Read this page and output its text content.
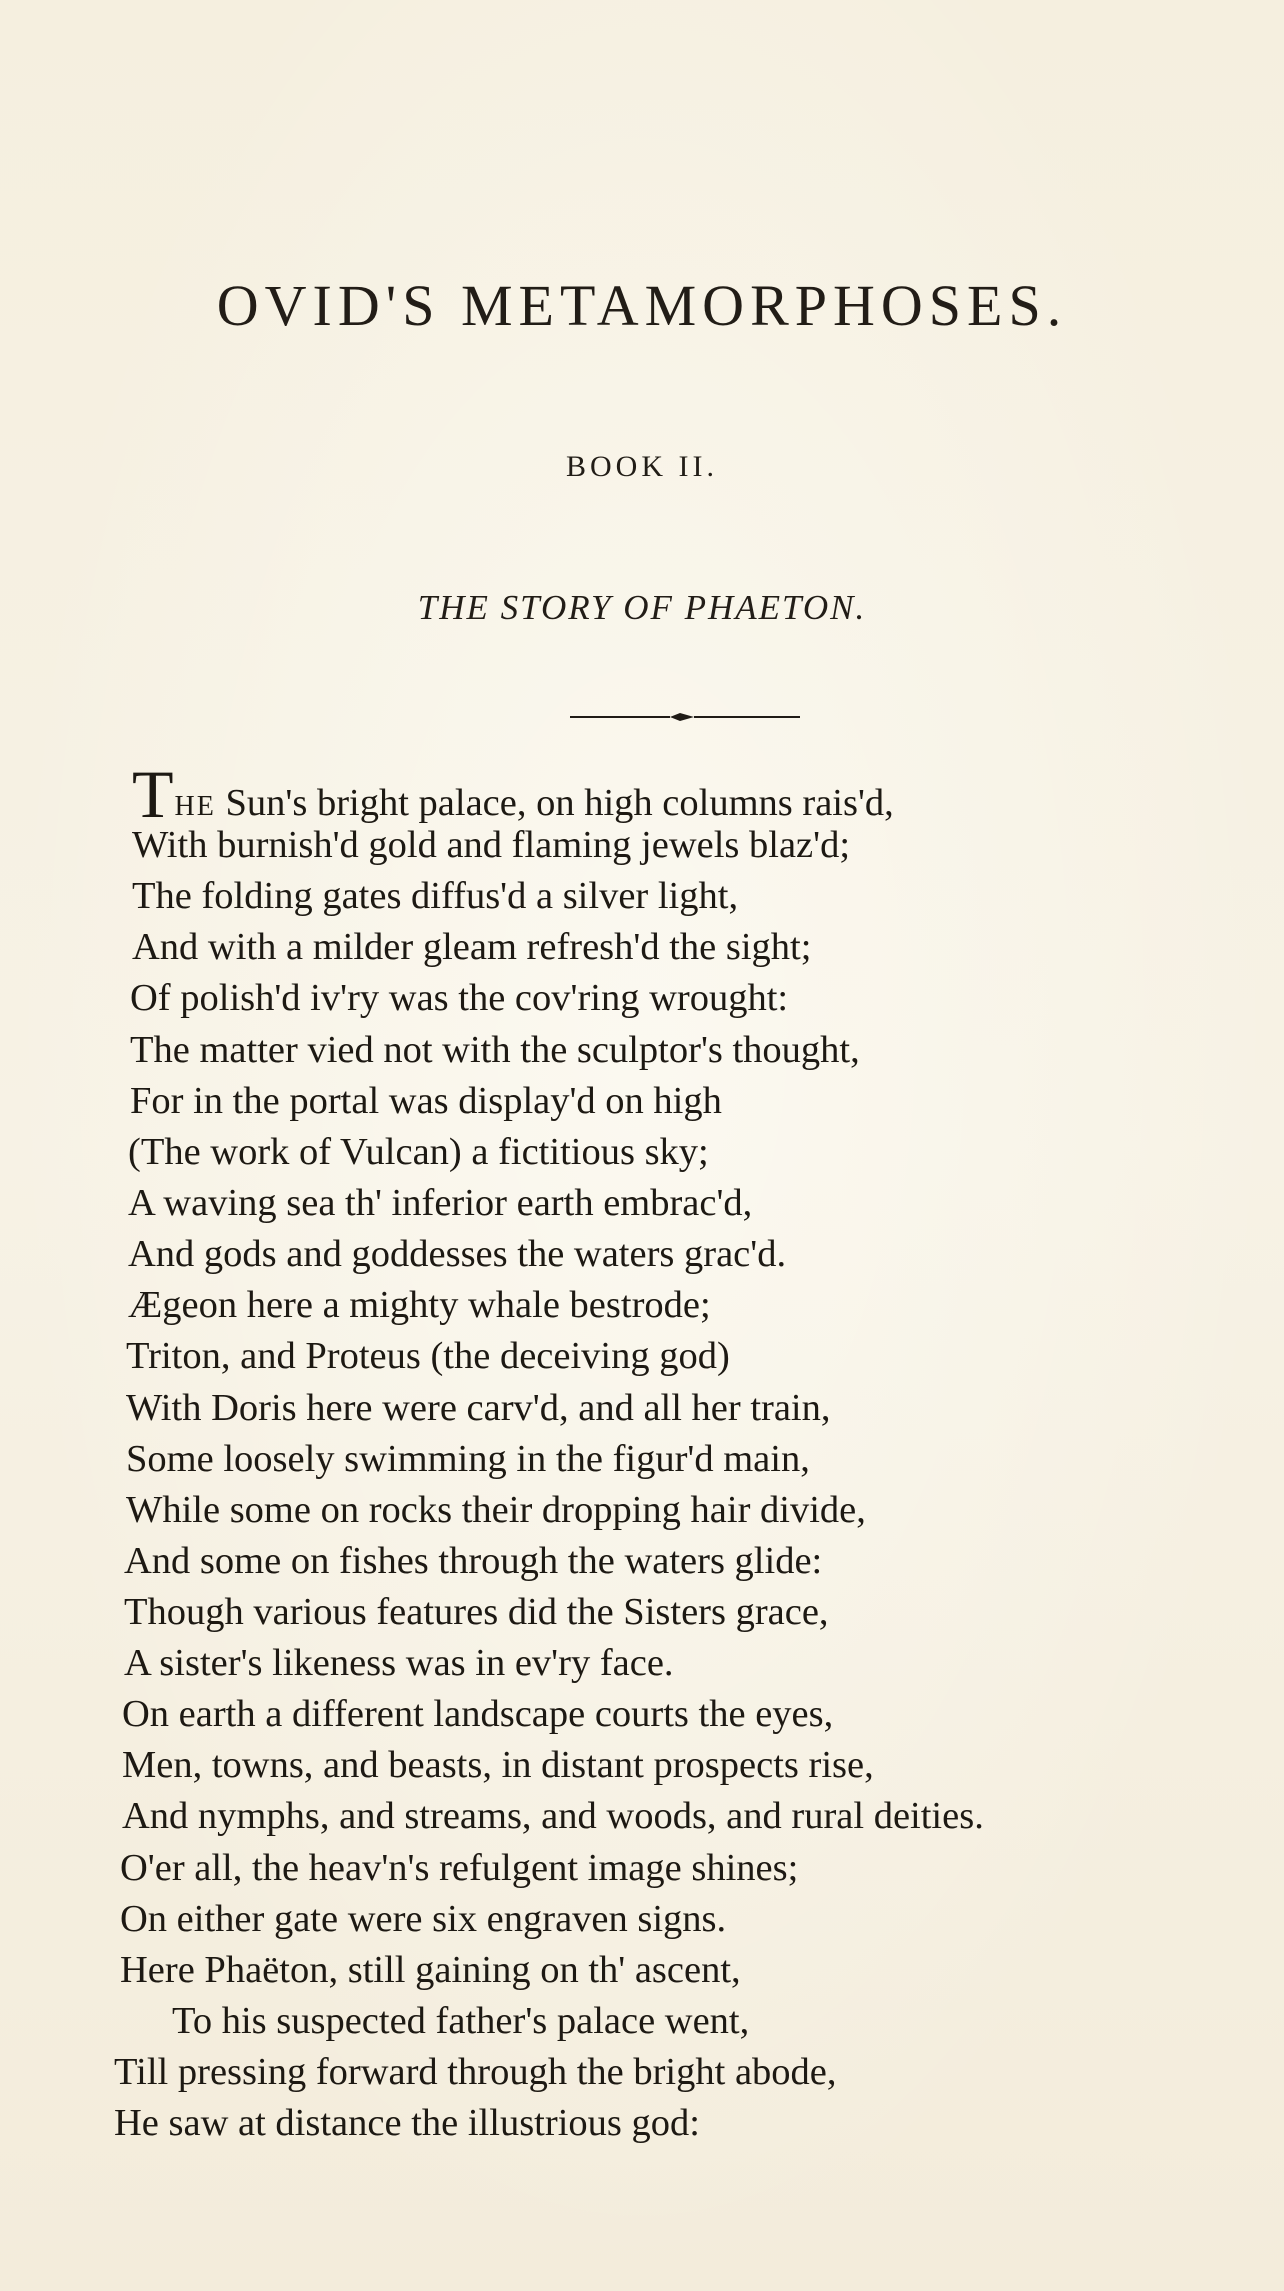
OVID'S METAMORPHOSES.
BOOK II.
THE STORY OF PHAETON.
THE Sun's bright palace, on high columns rais'd,
With burnish'd gold and flaming jewels blaz'd;
The folding gates diffus'd a silver light,
And with a milder gleam refresh'd the sight;
Of polish'd iv'ry was the cov'ring wrought:
The matter vied not with the sculptor's thought,
For in the portal was display'd on high
(The work of Vulcan) a fictitious sky;
A waving sea th' inferior earth embrac'd,
And gods and goddesses the waters grac'd.
Ægeon here a mighty whale bestrode;
Triton, and Proteus (the deceiving god)
With Doris here were carv'd, and all her train,
Some loosely swimming in the figur'd main,
While some on rocks their dropping hair divide,
And some on fishes through the waters glide:
Though various features did the Sisters grace,
A sister's likeness was in ev'ry face.
On earth a different landscape courts the eyes,
Men, towns, and beasts, in distant prospects rise,
And nymphs, and streams, and woods, and rural deities.
O'er all, the heav'n's refulgent image shines;
On either gate were six engraven signs.
Here Phaëton, still gaining on th' ascent,
To his suspected father's palace went,
Till pressing forward through the bright abode,
He saw at distance the illustrious god:
